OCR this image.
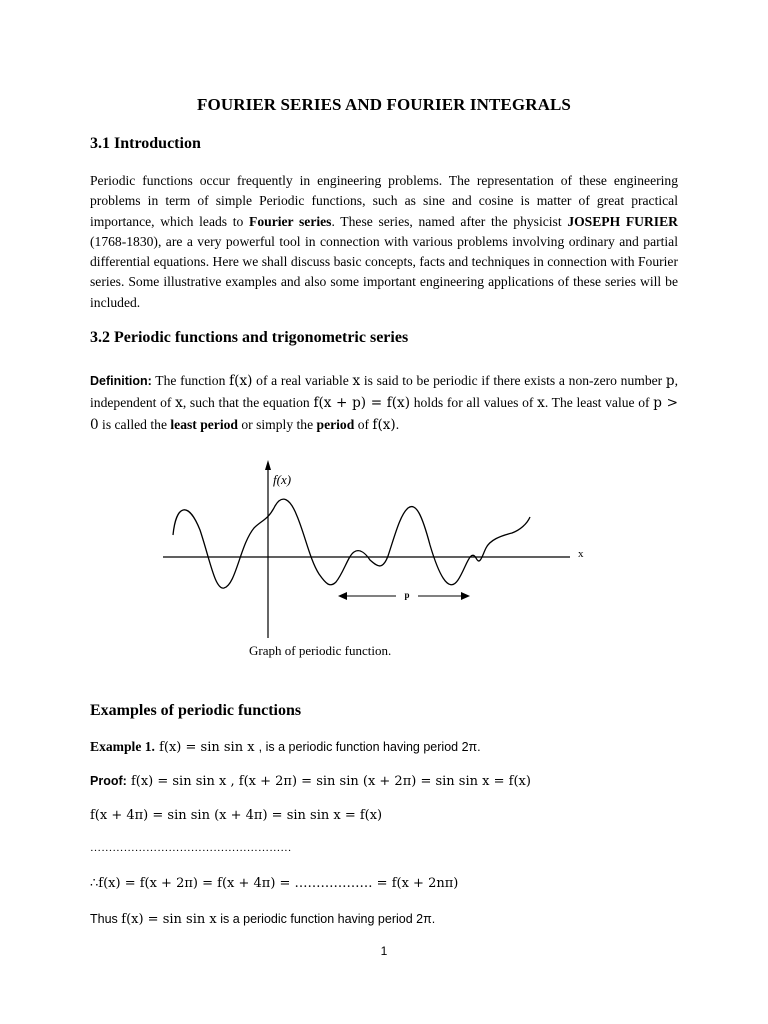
FOURIER SERIES AND FOURIER INTEGRALS
3.1 Introduction
Periodic functions occur frequently in engineering problems. The representation of these engineering problems in term of simple Periodic functions, such as sine and cosine is matter of great practical importance, which leads to Fourier series. These series, named after the physicist JOSEPH FURIER (1768-1830), are a very powerful tool in connection with various problems involving ordinary and partial differential equations. Here we shall discuss basic concepts, facts and techniques in connection with Fourier series. Some illustrative examples and also some important engineering applications of these series will be included.
3.2 Periodic functions and trigonometric series
Definition: The function f(x) of a real variable x is said to be periodic if there exists a non-zero number p, independent of x, such that the equation f(x + p) = f(x) holds for all values of x. The least value of p > 0 is called the least period or simply the period of f(x).
p
f(x)
x
Graph of periodic function.
Examples of periodic functions
Example 1. f(x) = sin sin x , is a periodic function having period 2π.
Proof: f(x) = sin sin x , f(x + 2π) = sin sin (x + 2π) = sin sin x = f(x)
f(x + 4π) = sin sin (x + 4π) = sin sin x = f(x)
………………………………………………
∴f(x) = f(x + 2π) = f(x + 4π) = ……………… = f(x + 2nπ)
Thus f(x) = sin sin x is a periodic function having period 2π.
1
